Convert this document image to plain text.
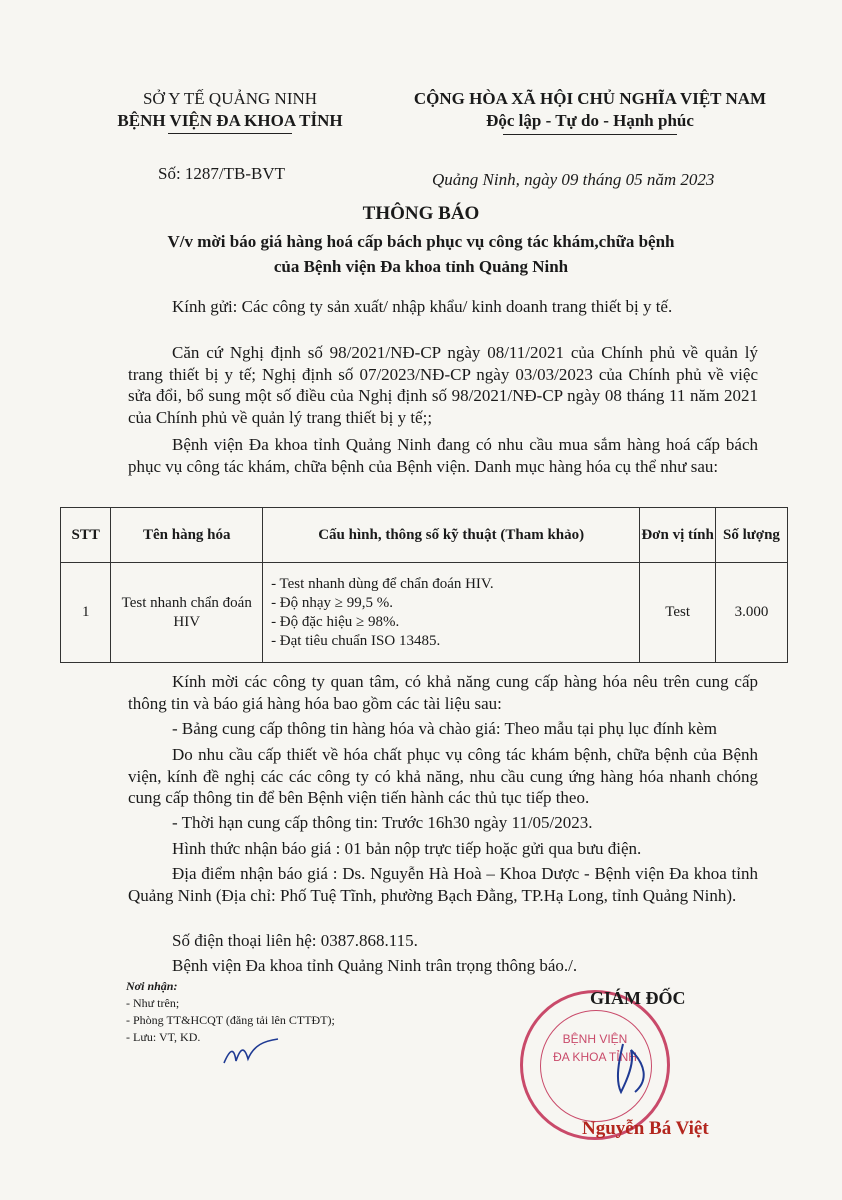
SỞ Y TẾ QUẢNG NINH
BỆNH VIỆN ĐA KHOA TỈNH
CỘNG HÒA XÃ HỘI CHỦ NGHĨA VIỆT NAM
Độc lập - Tự do - Hạnh phúc
Số: 1287/TB-BVT	Quảng Ninh, ngày 09 tháng 05 năm 2023
THÔNG BÁO
V/v mời báo giá hàng hoá cấp bách phục vụ công tác khám,chữa bệnh
của Bệnh viện Đa khoa tỉnh Quảng Ninh
Kính gửi: Các công ty sản xuất/ nhập khẩu/ kinh doanh trang thiết bị y tế.
Căn cứ Nghị định số 98/2021/NĐ-CP ngày 08/11/2021 của Chính phủ về quản lý trang thiết bị y tế; Nghị định số 07/2023/NĐ-CP ngày 03/03/2023 của Chính phủ về việc sửa đổi, bổ sung một số điều của Nghị định số 98/2021/NĐ-CP ngày 08 tháng 11 năm 2021 của Chính phủ về quản lý trang thiết bị y tế;;
Bệnh viện Đa khoa tỉnh Quảng Ninh đang có nhu cầu mua sắm hàng hoá cấp bách phục vụ công tác khám, chữa bệnh của Bệnh viện. Danh mục hàng hóa cụ thể như sau:
STT	Tên hàng hóa	Cấu hình, thông số kỹ thuật (Tham khảo)	Đơn vị tính	Số lượng
1	Test nhanh chẩn đoán HIV	- Test nhanh dùng để chẩn đoán HIV.
- Độ nhạy ≥ 99,5 %.
- Độ đặc hiệu ≥ 98%.
- Đạt tiêu chuẩn ISO 13485.	Test	3.000
Kính mời các công ty quan tâm, có khả năng cung cấp hàng hóa nêu trên cung cấp thông tin và báo giá hàng hóa bao gồm các tài liệu sau:
- Bảng cung cấp thông tin hàng hóa và chào giá: Theo mẫu tại phụ lục đính kèm
Do nhu cầu cấp thiết về hóa chất phục vụ công tác khám bệnh, chữa bệnh của Bệnh viện, kính đề nghị các các công ty có khả năng, nhu cầu cung ứng hàng hóa nhanh chóng cung cấp thông tin để bên Bệnh viện tiến hành các thủ tục tiếp theo.
- Thời hạn cung cấp thông tin: Trước 16h30 ngày 11/05/2023.
Hình thức nhận báo giá : 01 bản nộp trực tiếp hoặc gửi qua bưu điện.
Địa điểm nhận báo giá : Ds. Nguyễn Hà Hoà – Khoa Dược - Bệnh viện Đa khoa tỉnh Quảng Ninh (Địa chỉ: Phố Tuệ Tĩnh, phường Bạch Đằng, TP.Hạ Long, tỉnh Quảng Ninh).
Số điện thoại liên hệ: 0387.868.115.
Bệnh viện Đa khoa tỉnh Quảng Ninh trân trọng thông báo./.
Nơi nhận:
- Như trên;
- Phòng TT&HCQT (đăng tải lên CTTĐT);
- Lưu: VT, KD.	BỆNH VIỆN
ĐA KHOA TỈNH
GIÁM ĐỐC
Nguyễn Bá Việt
